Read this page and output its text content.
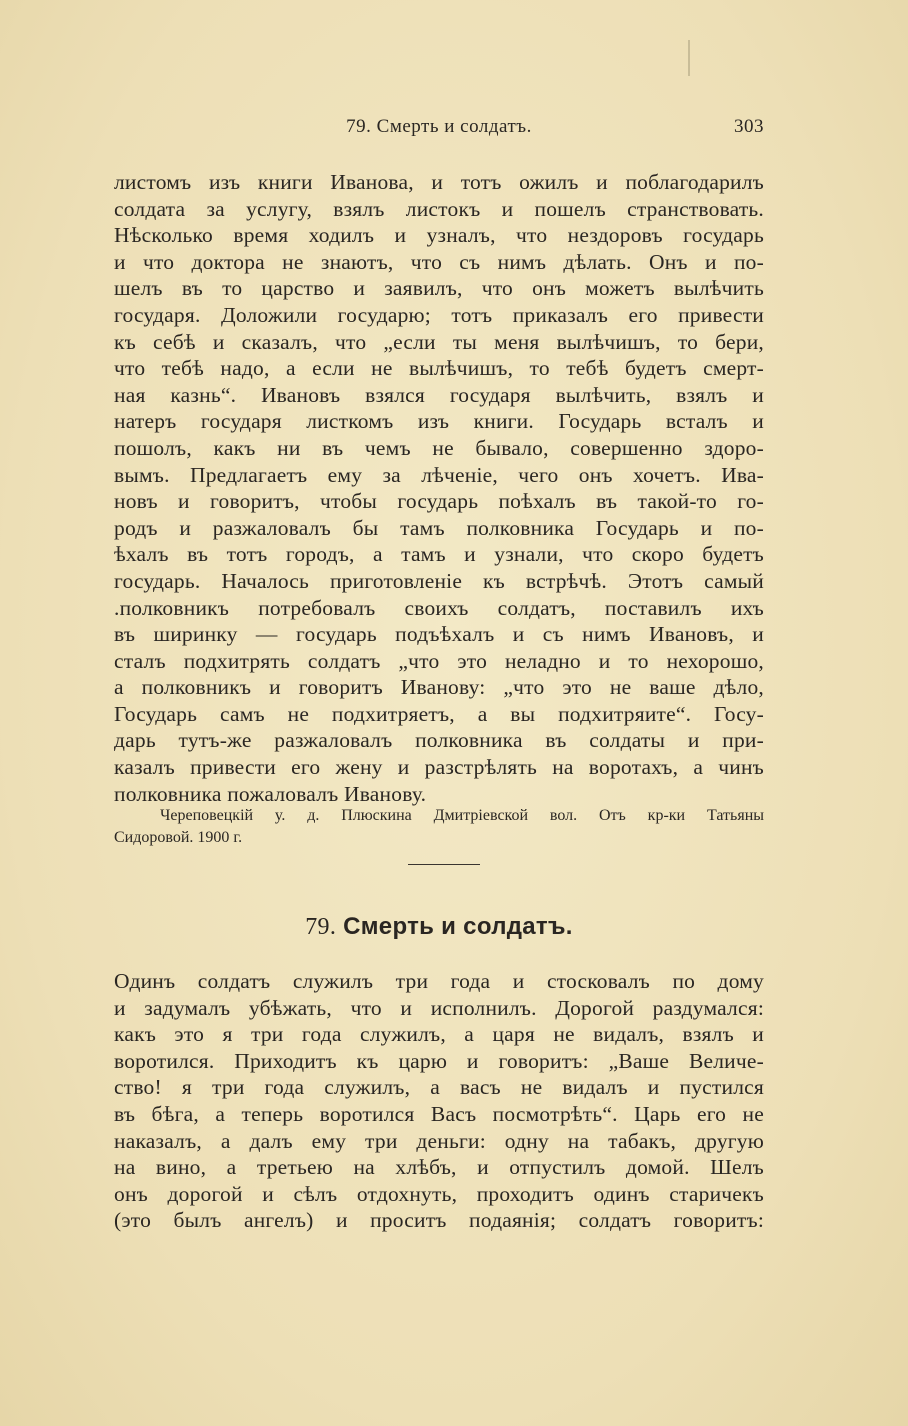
79. Смерть и солдатъ.	303
листомъ изъ книги Иванова, и тотъ ожилъ и поблагодарилъ
солдата за услугу, взялъ листокъ и пошелъ странствовать.
Нѣсколько время ходилъ и узналъ, что нездоровъ государь
и что доктора не знаютъ, что съ нимъ дѣлать. Онъ и по-
шелъ въ то царство и заявилъ, что онъ можетъ вылѣчить
государя. Доложили государю; тотъ приказалъ его привести
къ себѣ и сказалъ, что „если ты меня вылѣчишъ, то бери,
что тебѣ надо, а если не вылѣчишъ, то тебѣ будетъ смерт-
ная казнь“. Ивановъ взялся государя вылѣчить, взялъ и
натеръ государя листкомъ изъ книги. Государь всталъ и
пошолъ, какъ ни въ чемъ не бывало, совершенно здоро-
вымъ. Предлагаетъ ему за лѣченіе, чего онъ хочетъ. Ива-
новъ и говоритъ, чтобы государь поѣхалъ въ такой-то го-
родъ и разжаловалъ бы тамъ полковника Государь и по-
ѣхалъ въ тотъ городъ, а тамъ и узнали, что скоро будетъ
государь. Началось приготовленіе къ встрѣчѣ. Этотъ самый
.полковникъ потребовалъ своихъ солдатъ, поставилъ ихъ
въ ширинку — государь подъѣхалъ и съ нимъ Ивановъ, и
сталъ подхитрять солдатъ „что это неладно и то нехорошо,
а полковникъ и говоритъ Иванову: „что это не ваше дѣло,
Государь самъ не подхитряетъ, а вы подхитряите“. Госу-
дарь тутъ-же разжаловалъ полковника въ солдаты и при-
казалъ привести его жену и разстрѣлять на воротахъ, а чинъ
полковника пожаловалъ Иванову.
Череповецкій у. д. Плюскина Дмитріевской вол. Отъ кр-ки Татьяны
Сидоровой. 1900 г.
79. Смерть и солдатъ.
Одинъ солдатъ служилъ три года и стосковалъ по дому
и задумалъ убѣжать, что и исполнилъ. Дорогой раздумался:
какъ это я три года служилъ, а царя не видалъ, взялъ и
воротился. Приходитъ къ царю и говоритъ: „Ваше Величе-
ство! я три года служилъ, а васъ не видалъ и пустился
въ бѣга, а теперь воротился Васъ посмотрѣть“. Царь его не
наказалъ, а далъ ему три деньги: одну на табакъ, другую
на вино, а третьею на хлѣбъ, и отпустилъ домой. Шелъ
онъ дорогой и сѣлъ отдохнуть, проходитъ одинъ старичекъ
(это былъ ангелъ) и проситъ подаянія; солдатъ говоритъ:
